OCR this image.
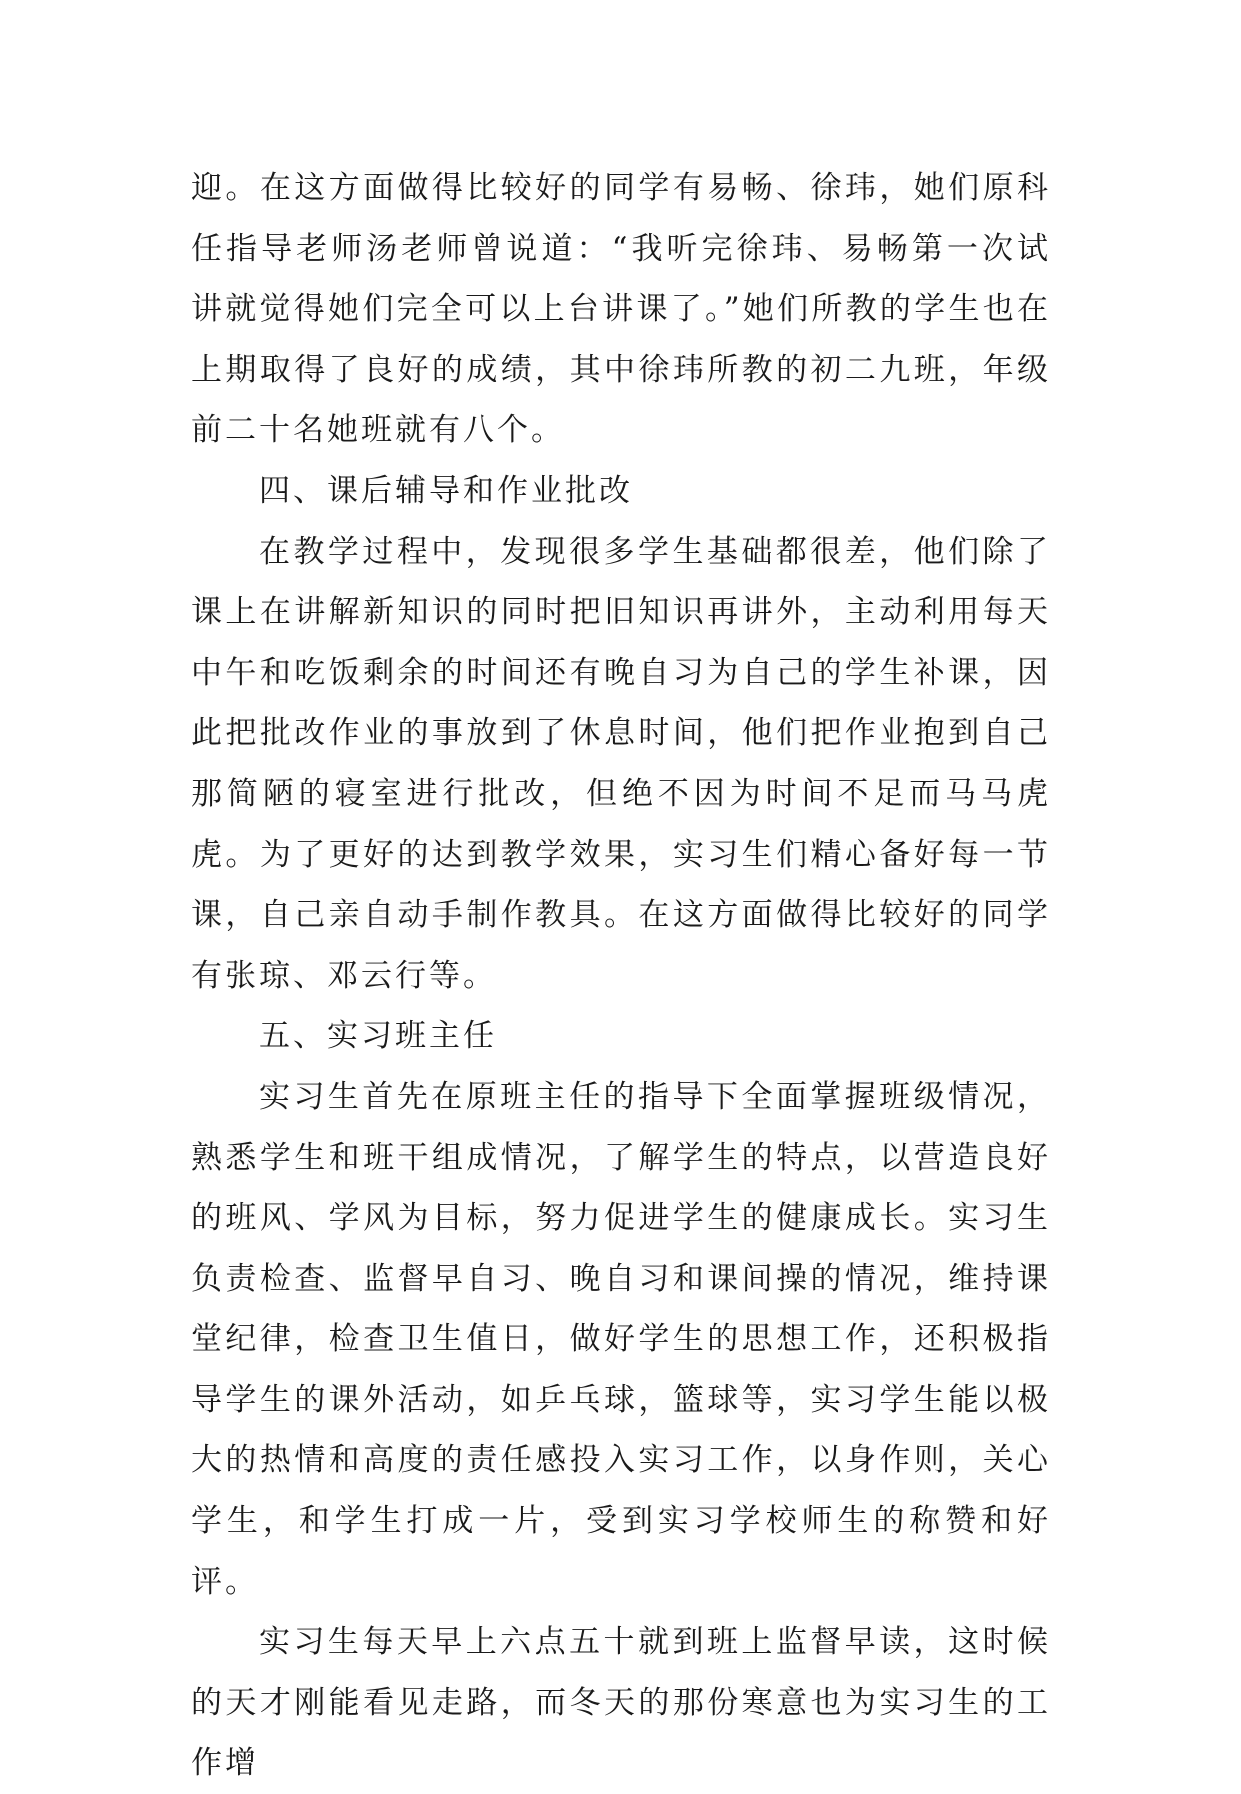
迎。在这方面做得比较好的同学有易畅、徐玮，她们原科任指导老师汤老师曾说道：“我听完徐玮、易畅第一次试讲就觉得她们完全可以上台讲课了。”她们所教的学生也在上期取得了良好的成绩，其中徐玮所教的初二九班，年级前二十名她班就有八个。

四、课后辅导和作业批改

在教学过程中，发现很多学生基础都很差，他们除了课上在讲解新知识的同时把旧知识再讲外，主动利用每天中午和吃饭剩余的时间还有晚自习为自己的学生补课，因此把批改作业的事放到了休息时间，他们把作业抱到自己那简陋的寝室进行批改，但绝不因为时间不足而马马虎虎。为了更好的达到教学效果，实习生们精心备好每一节课，自己亲自动手制作教具。在这方面做得比较好的同学有张琼、邓云行等。

五、实习班主任

实习生首先在原班主任的指导下全面掌握班级情况，熟悉学生和班干组成情况，了解学生的特点，以营造良好的班风、学风为目标，努力促进学生的健康成长。实习生负责检查、监督早自习、晚自习和课间操的情况，维持课堂纪律，检查卫生值日，做好学生的思想工作，还积极指导学生的课外活动，如乒乓球，篮球等，实习学生能以极大的热情和高度的责任感投入实习工作，以身作则，关心学生，和学生打成一片，受到实习学校师生的称赞和好评。

实习生每天早上六点五十就到班上监督早读，这时候的天才刚能看见走路，而冬天的那份寒意也为实习生的工作增
